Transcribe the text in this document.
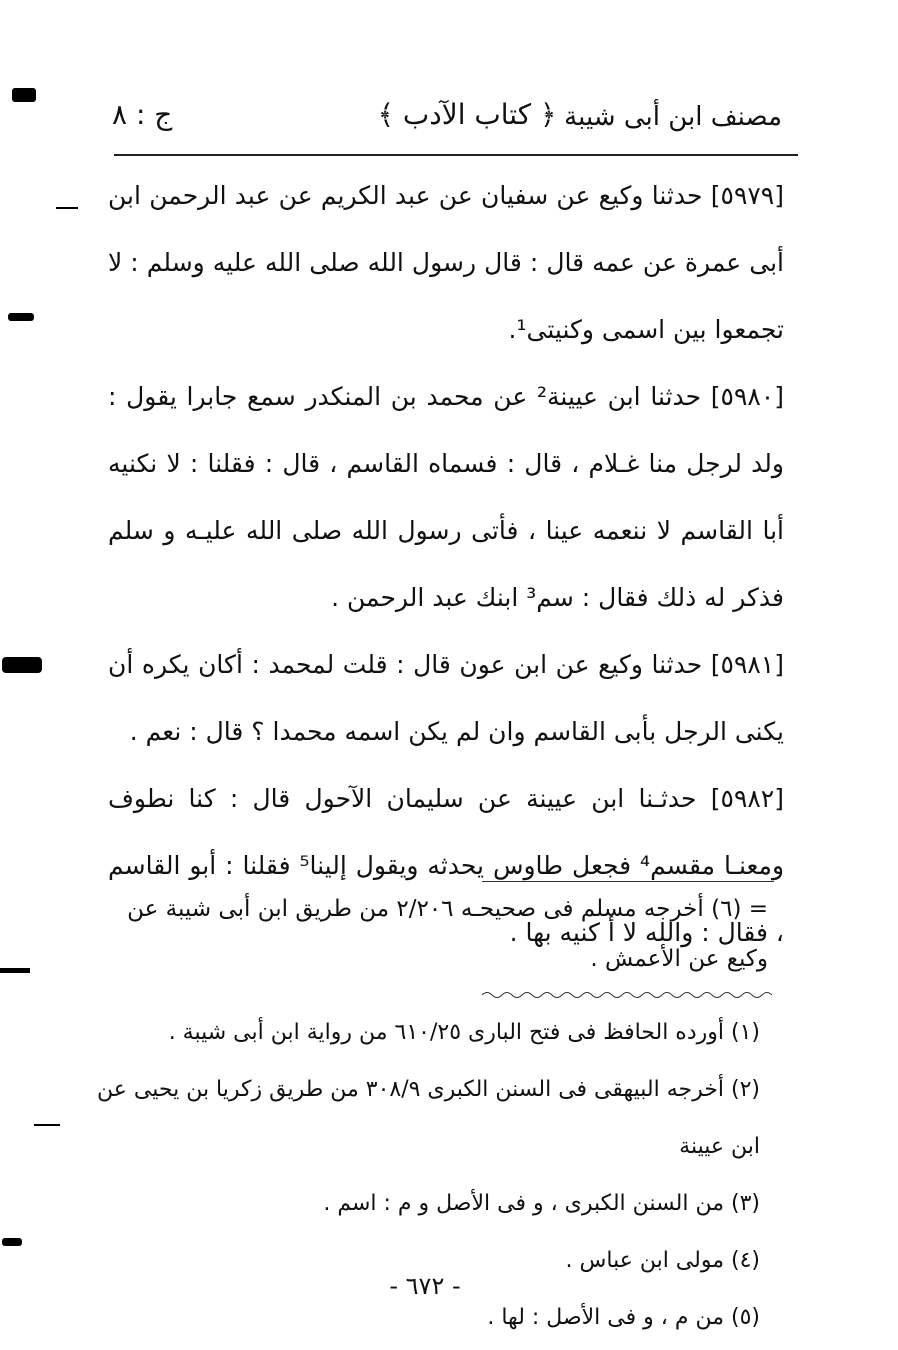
مصنف ابن أبى شيبة
﴿ كتاب الآدب ﴾
ج : ٨

[٥٩٧٩] حدثنا وكيع عن سفيان عن عبد الكريم عن عبد الرحمن ابن أبى عمرة عن عمه قال : قال رسول الله صلى الله عليه وسلم : لا تجمعوا بين اسمى وكنيتى¹.

[٥٩٨٠] حدثنا ابن عيينة² عن محمد بن المنكدر سمع جابرا يقول : ولد لرجل منا غـلام ، قال : فسماه القاسم ، قال : فقلنا : لا نكنيه أبا القاسم لا ننعمه عينا ، فأتى رسول الله صلى الله عليـه و سلم فذكر له ذلك فقال : سم³ ابنك عبد الرحمن .

[٥٩٨١] حدثنا وكيع عن ابن عون قال : قلت لمحمد : أكان يكره أن يكنى الرجل بأبى القاسم وان لم يكن اسمه محمدا ؟ قال : نعم .

[٥٩٨٢] حدثـنا ابن عيينة عن سليمان الآحول قال : كنا نطوف ومعنـا مقسم⁴ فجعل طاوس يحدثه ويقول إلينا⁵ فقلنا : أبو القاسم ، فقال : والله لا أ كنيه بها .

= (٦) أخرجه مسلم فى صحيحـه ٢/٢٠٦ من طريق ابن أبى شيبة عن وكيع عن الأعمش .

(١) أورده الحافظ فى فتح البارى ٦١٠/٢٥ من رواية ابن أبى شيبة .

(٢) أخرجه البيهقى فى السنن الكبرى ٣٠٨/٩ من طريق زكريا بن يحيى عن ابن عيينة

(٣) من السنن الكبرى ، و فى الأصل و م : اسم .

(٤) مولى ابن عباس .

(٥) من م ، و فى الأصل : لها .

- ٦٧٢ -
